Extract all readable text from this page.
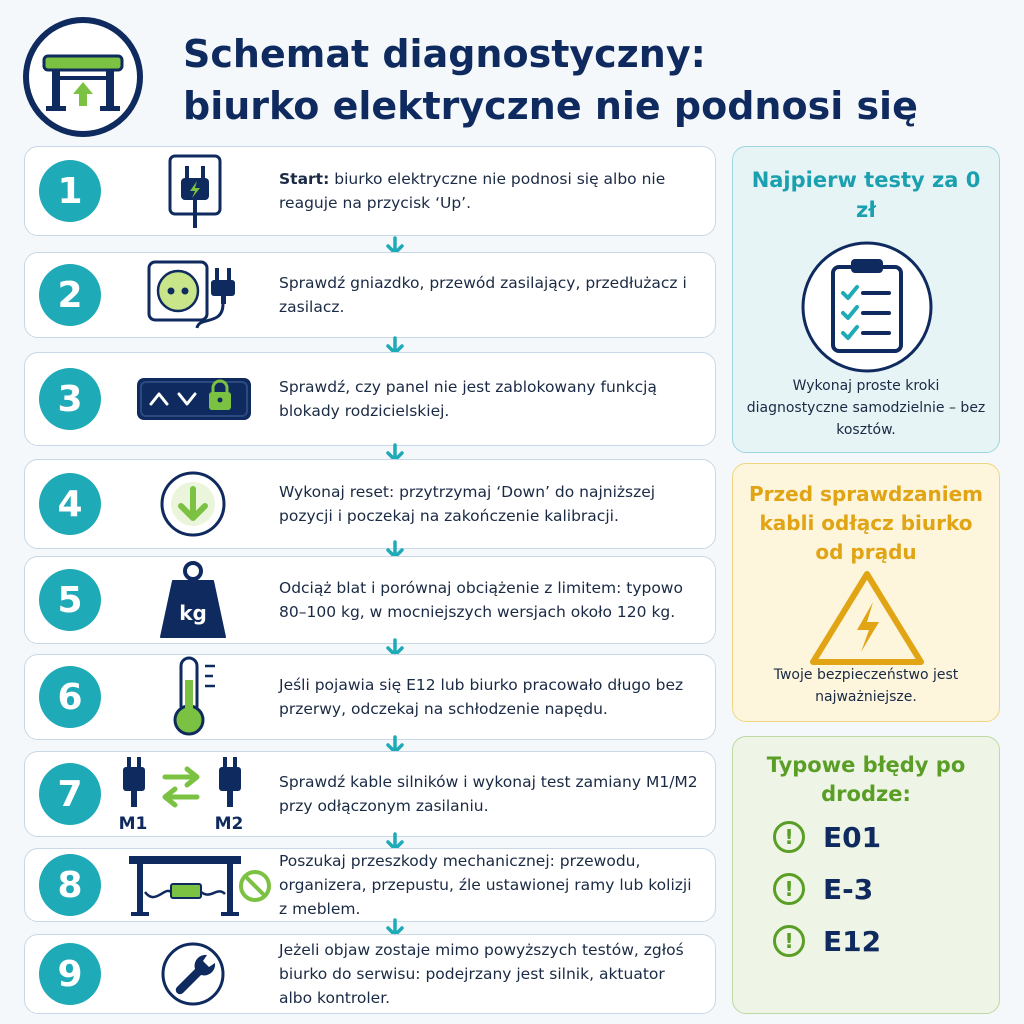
Schemat diagnostyczny:
biurko elektryczne nie podnosi się
1	Start: biurko elektryczne nie podnosi się albo nie reaguje na przycisk ‘Up’.
2	Sprawdź gniazdko, przewód zasilający, przedłużacz i zasilacz.
3	Sprawdź, czy panel nie jest zablokowany funkcją blokady rodzicielskiej.
4	Wykonaj reset: przytrzymaj ‘Down’ do najniższej pozycji i poczekaj na zakończenie kalibracji.
5	kg
Odciąż blat i porównaj obciążenie z limitem: typowo 80–100 kg, w mocniejszych wersjach około 120 kg.
6	Jeśli pojawia się E12 lub biurko pracowało długo bez przerwy, odczekaj na schłodzenie napędu.
7
M1	M2
Sprawdź kable silników i wykonaj test zamiany M1/M2 przy odłączonym zasilaniu.
8
Poszukaj przeszkody mechanicznej: przewodu, organizera, przepustu, źle ustawionej ramy lub kolizji z meblem.
9
Jeżeli objaw zostaje mimo powyższych testów, zgłoś biurko do serwisu: podejrzany jest silnik, aktuator albo kontroler.
Najpierw testy za 0 zł
Wykonaj proste kroki diagnostyczne samodzielnie – bez kosztów.
Przed sprawdzaniem kabli odłącz biurko od prądu
Twoje bezpieczeństwo jest najważniejsze.
Typowe błędy po drodze:
!	E01
!	E-3
!	E12
